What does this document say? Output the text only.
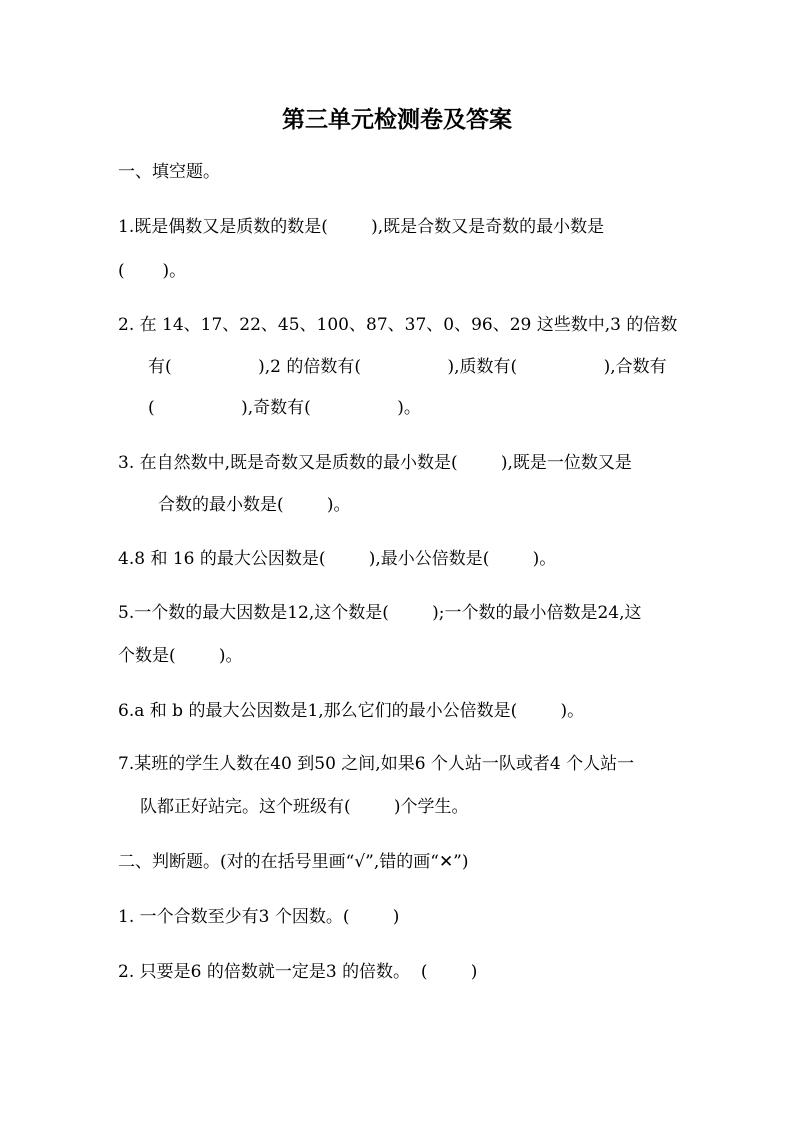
第三单元检测卷及答案

一、填空题。

1.既是偶数又是质数的数是(        ),既是合数又是奇数的最小数是

(       )。

2. 在 14、17、22、45、100、87、37、0、96、29 这些数中,3 的倍数

有(                ),2 的倍数有(                ),质数有(                ),合数有

(                ),奇数有(                )。

3. 在自然数中,既是奇数又是质数的最小数是(        ),既是一位数又是

合数的最小数是(        )。

4.8 和 16 的最大公因数是(        ),最小公倍数是(        )。

5.一个数的最大因数是12,这个数是(        );一个数的最小倍数是24,这

个数是(        )。

6.a 和 b 的最大公因数是1,那么它们的最小公倍数是(        )。

7.某班的学生人数在40 到50 之间,如果6 个人站一队或者4 个人站一

队都正好站完。这个班级有(        )个学生。

二、判断题。(对的在括号里画“√”,错的画“✕”)

1. 一个合数至少有3 个因数。(        )

2. 只要是6 的倍数就一定是3 的倍数。  (        )
